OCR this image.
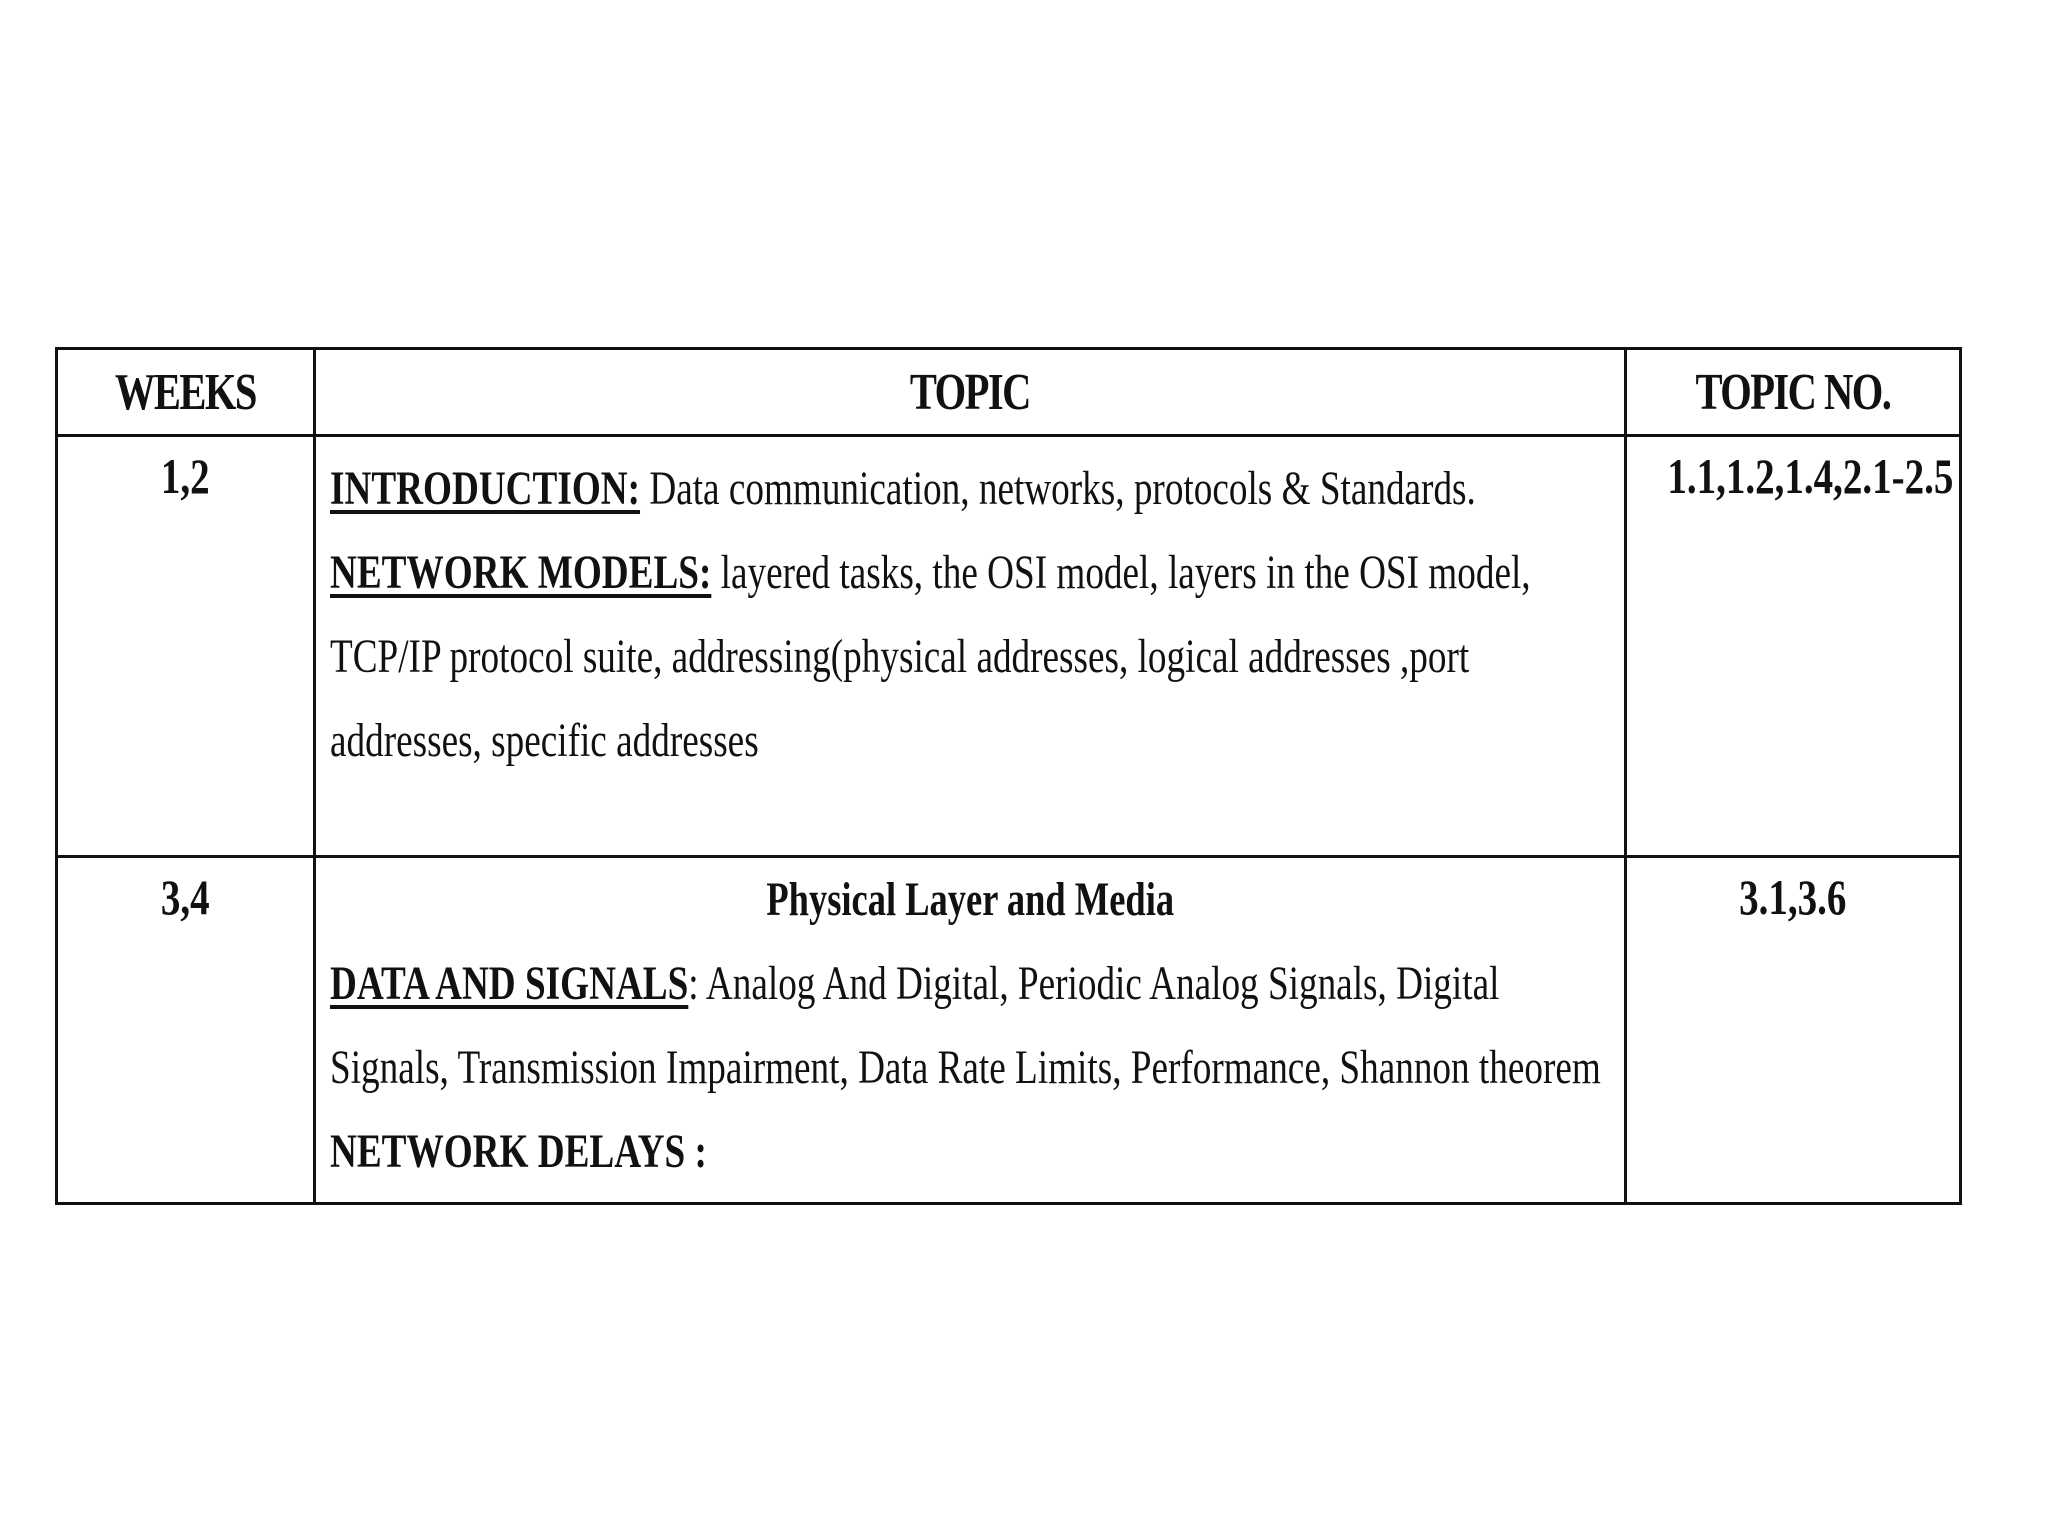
WEEKS	TOPIC	TOPIC NO.
1,2	INTRODUCTION: Data communication, networks, protocols & Standards.
NETWORK MODELS: layered tasks, the OSI model, layers in the OSI model, TCP/IP protocol suite, addressing(physical addresses, logical addresses ,port addresses, specific addresses	1.1,1.2,1.4,2.1-2.5
3,4	Physical Layer and Media
DATA AND SIGNALS: Analog And Digital, Periodic Analog Signals, Digital Signals, Transmission Impairment, Data Rate Limits, Performance, Shannon theorem
NETWORK DELAYS :	3.1,3.6
